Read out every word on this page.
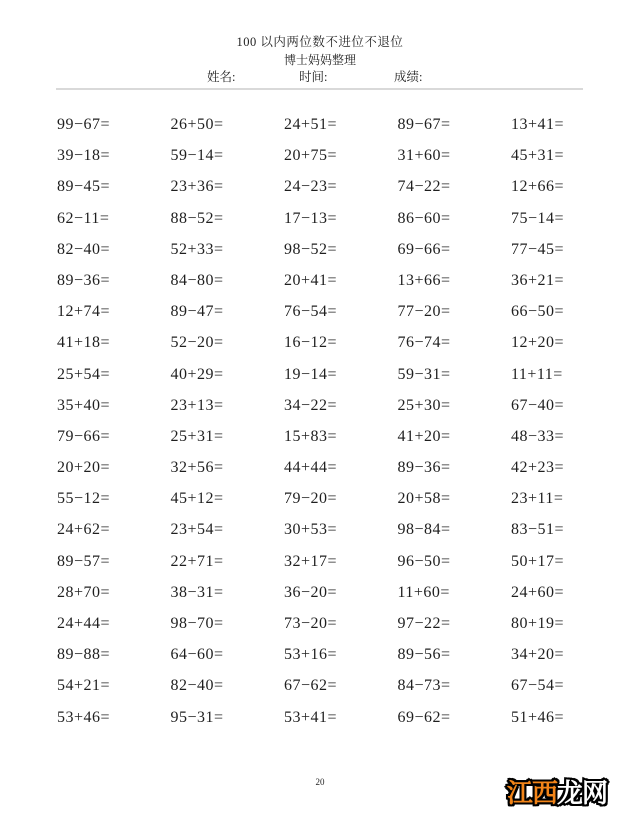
100 以内两位数不进位不退位
博士妈妈整理
姓名:	时间:	成绩:
99−67=	26+50=	24+51=	89−67=	13+41=
39−18=	59−14=	20+75=	31+60=	45+31=
89−45=	23+36=	24−23=	74−22=	12+66=
62−11=	88−52=	17−13=	86−60=	75−14=
82−40=	52+33=	98−52=	69−66=	77−45=
89−36=	84−80=	20+41=	13+66=	36+21=
12+74=	89−47=	76−54=	77−20=	66−50=
41+18=	52−20=	16−12=	76−74=	12+20=
25+54=	40+29=	19−14=	59−31=	11+11=
35+40=	23+13=	34−22=	25+30=	67−40=
79−66=	25+31=	15+83=	41+20=	48−33=
20+20=	32+56=	44+44=	89−36=	42+23=
55−12=	45+12=	79−20=	20+58=	23+11=
24+62=	23+54=	30+53=	98−84=	83−51=
89−57=	22+71=	32+17=	96−50=	50+17=
28+70=	38−31=	36−20=	11+60=	24+60=
24+44=	98−70=	73−20=	97−22=	80+19=
89−88=	64−60=	53+16=	89−56=	34+20=
54+21=	82−40=	67−62=	84−73=	67−54=
53+46=	95−31=	53+41=	69−62=	51+46=
20	江西龙网
